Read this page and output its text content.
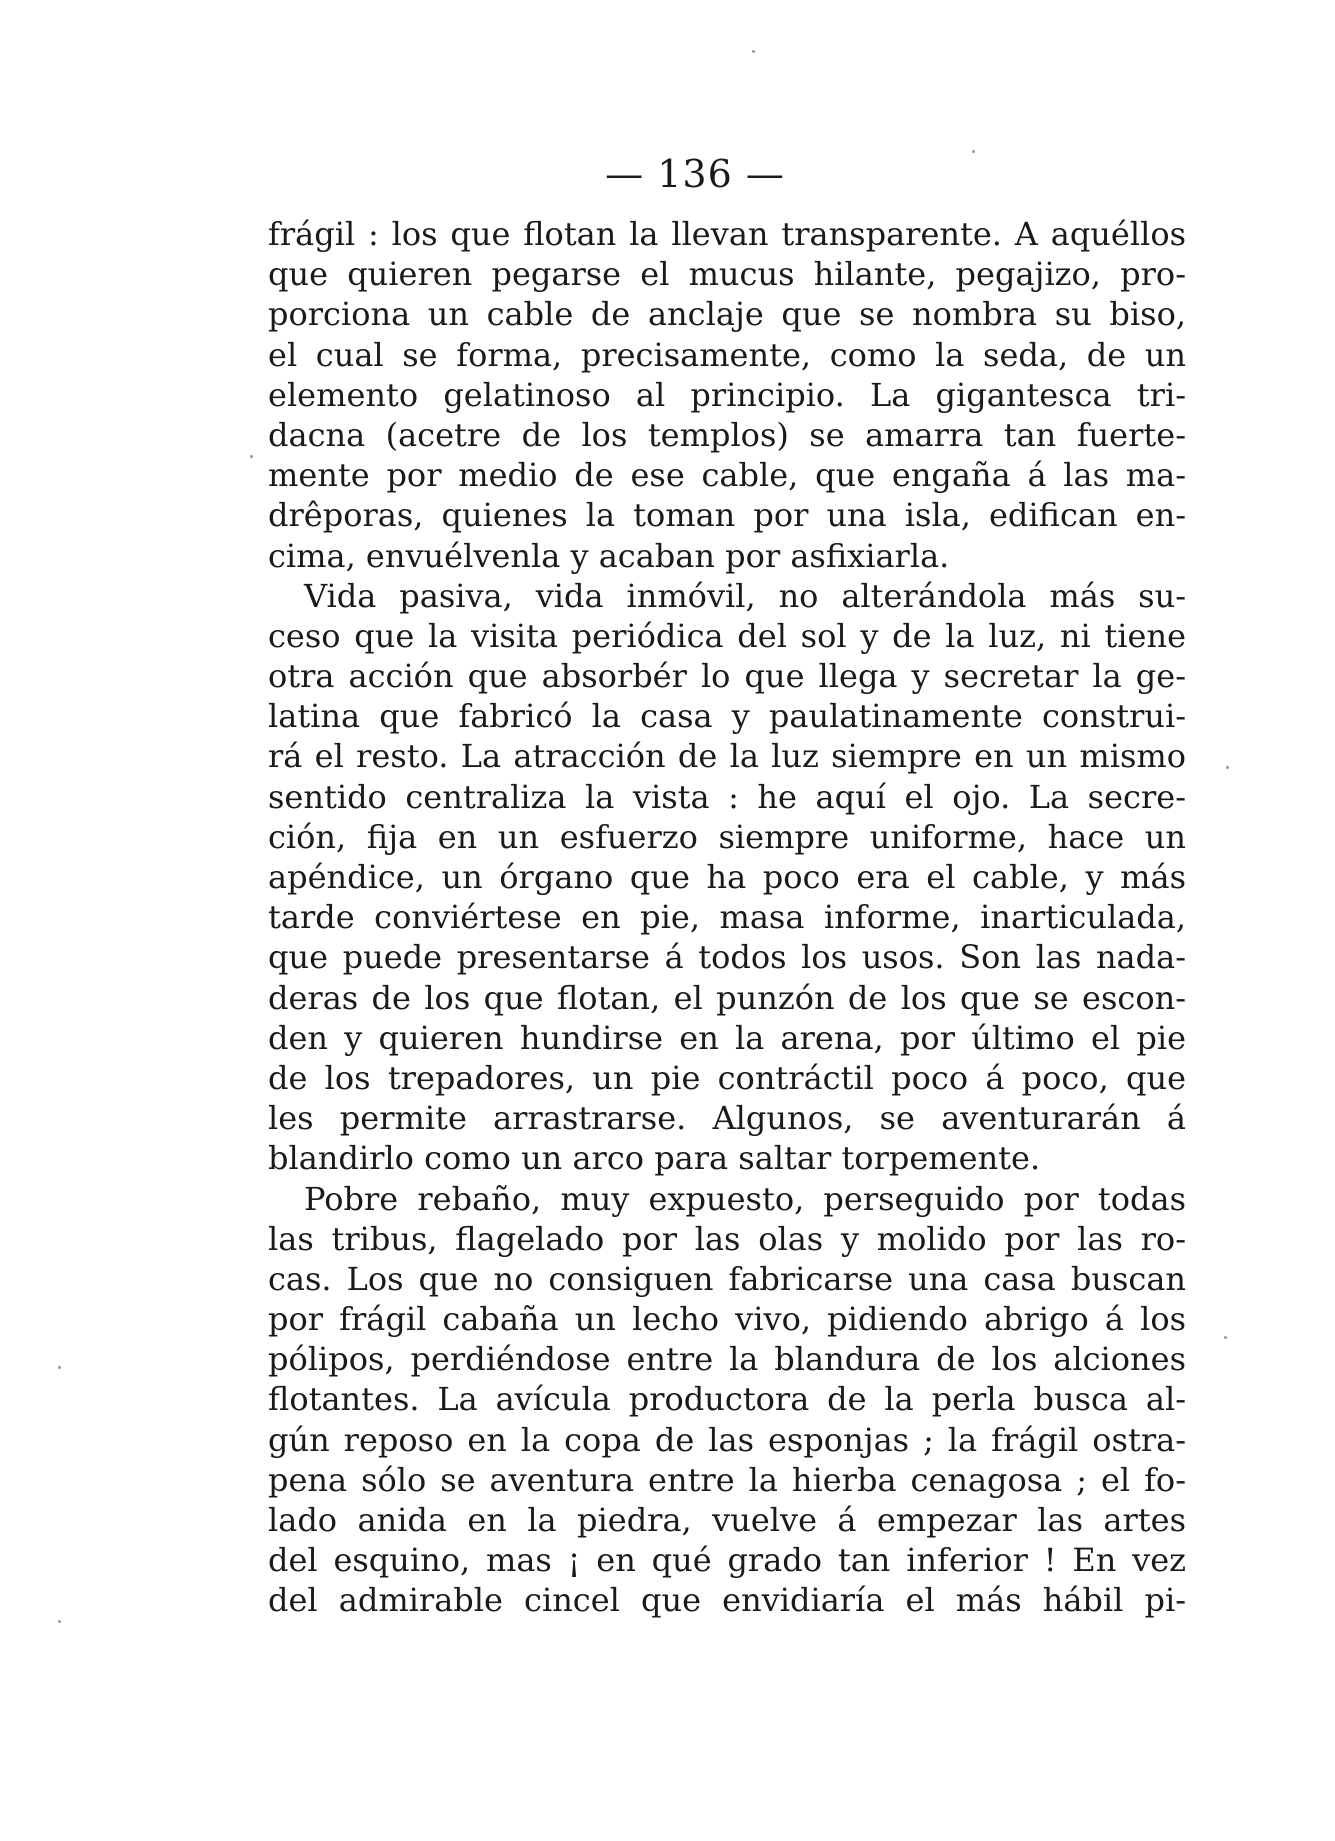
— 136 —
frágil : los que flotan la llevan transparente. A aquéllos
que quieren pegarse el mucus hilante, pegajizo, pro-
porciona un cable de anclaje que se nombra su biso,
el cual se forma, precisamente, como la seda, de un
elemento gelatinoso al principio. La gigantesca tri-
dacna (acetre de los templos) se amarra tan fuerte-
mente por medio de ese cable, que engaña á las ma-
drêporas, quienes la toman por una isla, edifican en-
cima, envuélvenla y acaban por asfixiarla.
Vida pasiva, vida inmóvil, no alterándola más su-
ceso que la visita periódica del sol y de la luz, ni tiene
otra acción que absorbér lo que llega y secretar la ge-
latina que fabricó la casa y paulatinamente construi-
rá el resto. La atracción de la luz siempre en un mismo
sentido centraliza la vista : he aquí el ojo. La secre-
ción, fija en un esfuerzo siempre uniforme, hace un
apéndice, un órgano que ha poco era el cable, y más
tarde conviértese en pie, masa informe, inarticulada,
que puede presentarse á todos los usos. Son las nada-
deras de los que flotan, el punzón de los que se escon-
den y quieren hundirse en la arena, por último el pie
de los trepadores, un pie contráctil poco á poco, que
les permite arrastrarse. Algunos, se aventurarán á
blandirlo como un arco para saltar torpemente.
Pobre rebaño, muy expuesto, perseguido por todas
las tribus, flagelado por las olas y molido por las ro-
cas. Los que no consiguen fabricarse una casa buscan
por frágil cabaña un lecho vivo, pidiendo abrigo á los
pólipos, perdiéndose entre la blandura de los alciones
flotantes. La avícula productora de la perla busca al-
gún reposo en la copa de las esponjas ; la frágil ostra-
pena sólo se aventura entre la hierba cenagosa ; el fo-
lado anida en la piedra, vuelve á empezar las artes
del esquino, mas ¡ en qué grado tan inferior ! En vez
del admirable cincel que envidiaría el más hábil pi-
